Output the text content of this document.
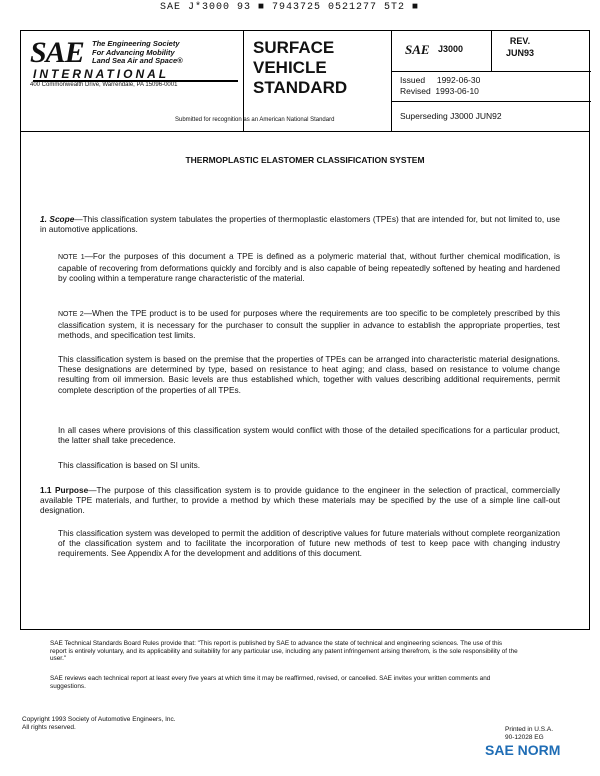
SAE J*3000 93 ■ 7943725 0521277 5T2 ■
SAE The Engineering Society
For Advancing Mobility
Land Sea Air and Space®
INTERNATIONAL
400 Commonwealth Drive, Warrendale, PA 15096-0001
SURFACE
VEHICLE
STANDARD
Submitted for recognition as an American National Standard
SAE J3000
REV.
JUN93
Issued     1992-06-30
Revised  1993-06-10
Superseding J3000 JUN92
THERMOPLASTIC ELASTOMER CLASSIFICATION SYSTEM

1. Scope—This classification system tabulates the properties of thermoplastic elastomers (TPEs) that are intended for, but not limited to, use in automotive applications.

NOTE 1—For the purposes of this document a TPE is defined as a polymeric material that, without further chemical modification, is capable of recovering from deformations quickly and forcibly and is also capable of being repeatedly softened by heating and hardened by cooling within a temperature range characteristic of the material.

NOTE 2—When the TPE product is to be used for purposes where the requirements are too specific to be completely prescribed by this classification system, it is necessary for the purchaser to consult the supplier in advance to establish the appropriate properties, test methods, and specification test limits.

This classification system is based on the premise that the properties of TPEs can be arranged into characteristic material designations. These designations are determined by type, based on resistance to heat aging; and class, based on resistance to volume change resulting from oil immersion. Basic levels are thus established which, together with values describing additional requirements, permit complete description of the properties of all TPEs.

In all cases where provisions of this classification system would conflict with those of the detailed specifications for a particular product, the latter shall take precedence.

This classification is based on SI units.

1.1 Purpose—The purpose of this classification system is to provide guidance to the engineer in the selection of practical, commercially available TPE materials, and further, to provide a method by which these materials may be specified by the use of a simple line call-out designation.

This classification system was developed to permit the addition of descriptive values for future materials without complete reorganization of the classification system and to facilitate the incorporation of future new methods of test to keep pace with changing industry requirements. See Appendix A for the development and additions of this document.

SAE Technical Standards Board Rules provide that: "This report is published by SAE to advance the state of technical and engineering sciences. The use of this report is entirely voluntary, and its applicability and suitability for any particular use, including any patent infringement arising therefrom, is the sole responsibility of the user."

SAE reviews each technical report at least every five years at which time it may be reaffirmed, revised, or cancelled. SAE invites your written comments and suggestions.

Copyright 1993 Society of Automotive Engineers, Inc.
All rights reserved.	Printed in U.S.A.
90-12028 EG
SAE NORM
